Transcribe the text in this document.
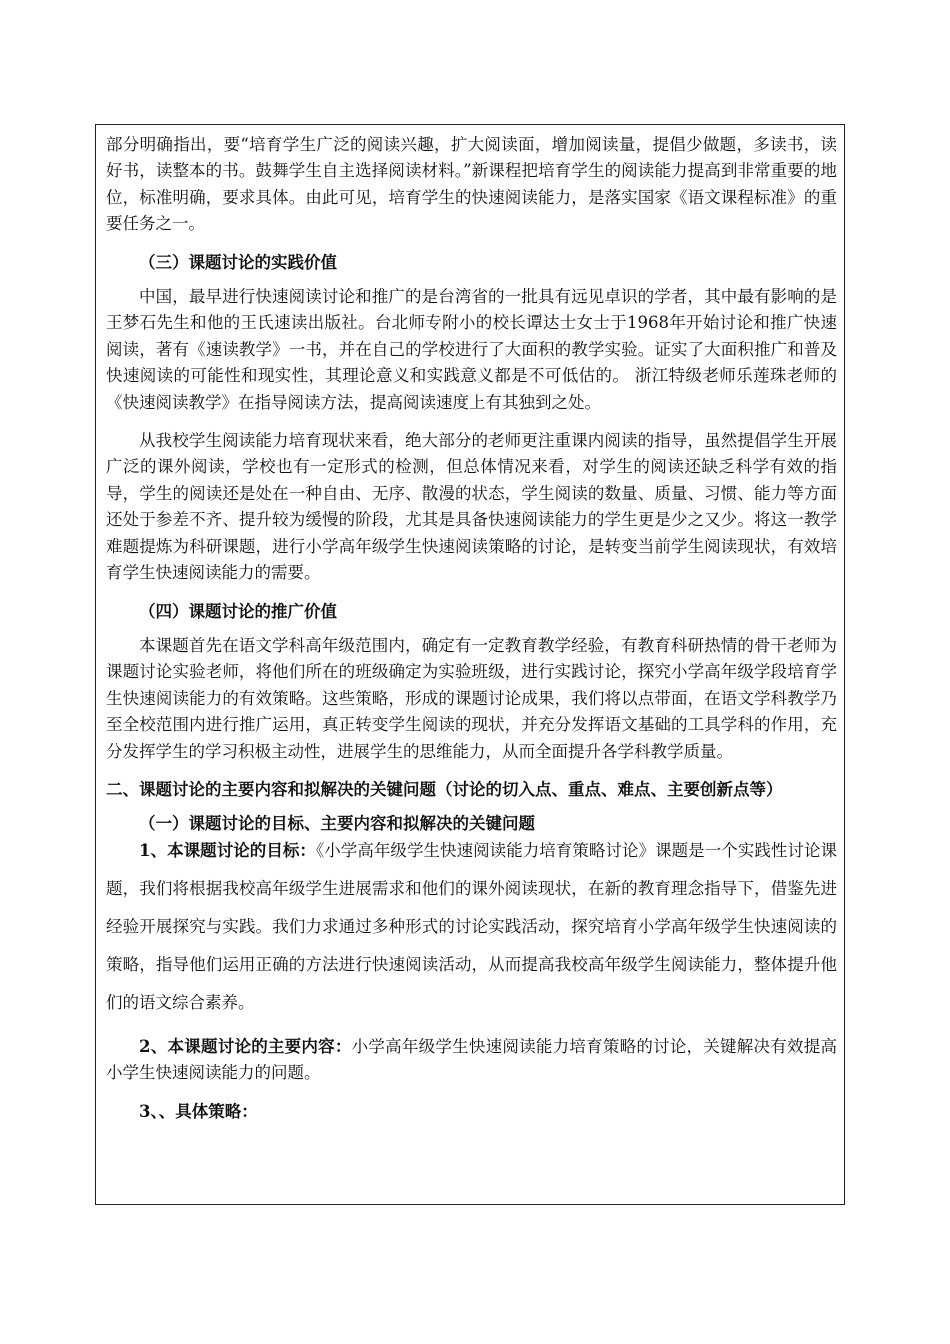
部分明确指出，要“培育学生广泛的阅读兴趣，扩大阅读面，增加阅读量，提倡少做题，多读书，读好书，读整本的书。鼓舞学生自主选择阅读材料。”新课程把培育学生的阅读能力提高到非常重要的地位，标准明确，要求具体。由此可见，培育学生的快速阅读能力，是落实国家《语文课程标准》的重要任务之一。

（三）课题讨论的实践价值

中国，最早进行快速阅读讨论和推广的是台湾省的一批具有远见卓识的学者，其中最有影响的是王梦石先生和他的王氏速读出版社。台北师专附小的校长谭达士女士于1968年开始讨论和推广快速阅读，著有《速读教学》一书，并在自己的学校进行了大面积的教学实验。证实了大面积推广和普及快速阅读的可能性和现实性，其理论意义和实践意义都是不可低估的。 浙江特级老师乐莲珠老师的《快速阅读教学》在指导阅读方法，提高阅读速度上有其独到之处。

从我校学生阅读能力培育现状来看，绝大部分的老师更注重课内阅读的指导，虽然提倡学生开展广泛的课外阅读，学校也有一定形式的检测，但总体情况来看，对学生的阅读还缺乏科学有效的指导，学生的阅读还是处在一种自由、无序、散漫的状态，学生阅读的数量、质量、习惯、能力等方面还处于参差不齐、提升较为缓慢的阶段，尤其是具备快速阅读能力的学生更是少之又少。将这一教学难题提炼为科研课题，进行小学高年级学生快速阅读策略的讨论，是转变当前学生阅读现状，有效培育学生快速阅读能力的需要。

（四）课题讨论的推广价值

本课题首先在语文学科高年级范围内，确定有一定教育教学经验，有教育科研热情的骨干老师为课题讨论实验老师，将他们所在的班级确定为实验班级，进行实践讨论，探究小学高年级学段培育学生快速阅读能力的有效策略。这些策略，形成的课题讨论成果，我们将以点带面，在语文学科教学乃至全校范围内进行推广运用，真正转变学生阅读的现状，并充分发挥语文基础的工具学科的作用，充分发挥学生的学习积极主动性，进展学生的思维能力，从而全面提升各学科教学质量。

二、课题讨论的主要内容和拟解决的关键问题（讨论的切入点、重点、难点、主要创新点等）

（一）课题讨论的目标、主要内容和拟解决的关键问题

1、本课题讨论的目标：《小学高年级学生快速阅读能力培育策略讨论》课题是一个实践性讨论课题，我们将根据我校高年级学生进展需求和他们的课外阅读现状，在新的教育理念指导下，借鉴先进经验开展探究与实践。我们力求通过多种形式的讨论实践活动，探究培育小学高年级学生快速阅读的策略，指导他们运用正确的方法进行快速阅读活动，从而提高我校高年级学生阅读能力，整体提升他们的语文综合素养。

2、本课题讨论的主要内容：小学高年级学生快速阅读能力培育策略的讨论，关键解决有效提高小学生快速阅读能力的问题。

3、、具体策略：
